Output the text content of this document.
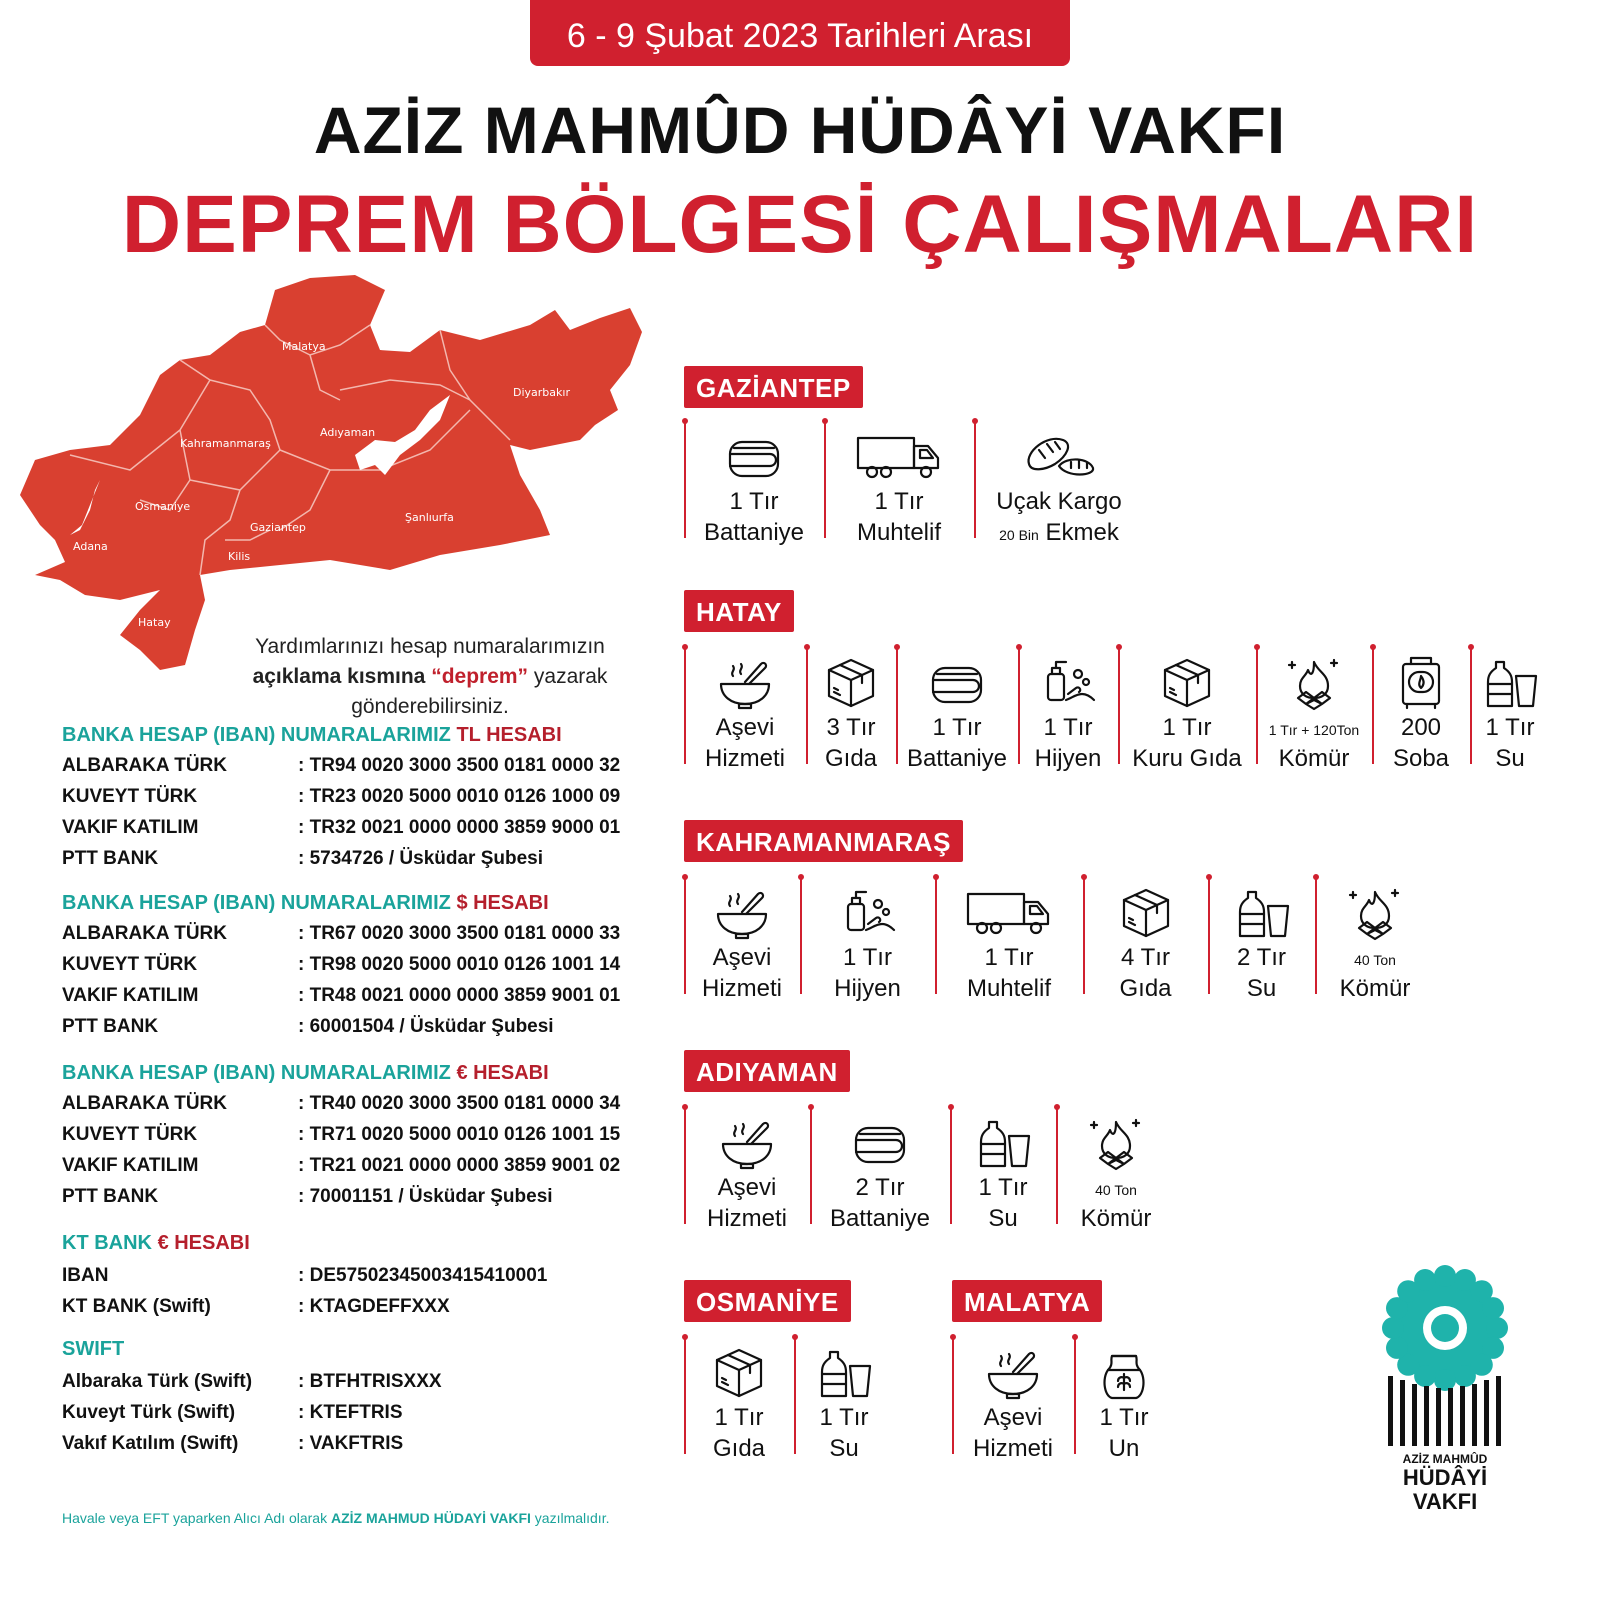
6 - 9 Şubat 2023 Tarihleri Arası
AZİZ MAHMÛD HÜDÂYİ VAKFI
DEPREM BÖLGESİ ÇALIŞMALARI
Malatya
Diyarbakır
Kahramanmaraş
Adıyaman
Osmaniye
Gaziantep
Şanlıurfa
Adana
Kilis
Hatay
Yardımlarınızı hesap numaralarımızın
açıklama kısmına “deprem” yazarak
gönderebilirsiniz.
BANKA HESAP (IBAN) NUMARALARIMIZ TL HESABI
ALBARAKA TÜRK	: TR94 0020 3000 3500 0181 0000 32
KUVEYT TÜRK	: TR23 0020 5000 0010 0126 1000 09
VAKIF KATILIM	: TR32 0021 0000 0000 3859 9000 01
PTT BANK	: 5734726 / Üsküdar Şubesi
BANKA HESAP (IBAN) NUMARALARIMIZ $ HESABI
ALBARAKA TÜRK	: TR67 0020 3000 3500 0181 0000 33
KUVEYT TÜRK	: TR98 0020 5000 0010 0126 1001 14
VAKIF KATILIM	: TR48 0021 0000 0000 3859 9001 01
PTT BANK	: 60001504 / Üsküdar Şubesi
BANKA HESAP (IBAN) NUMARALARIMIZ € HESABI
ALBARAKA TÜRK	: TR40 0020 3000 3500 0181 0000 34
KUVEYT TÜRK	: TR71 0020 5000 0010 0126 1001 15
VAKIF KATILIM	: TR21 0021 0000 0000 3859 9001 02
PTT BANK	: 70001151 / Üsküdar Şubesi
KT BANK € HESABI
IBAN	: DE57502345003415410001
KT BANK (Swift)	: KTAGDEFFXXX
SWIFT
Albaraka Türk (Swift)	: BTFHTRISXXX
Kuveyt Türk (Swift)	: KTEFTRIS
Vakıf Katılım (Swift)	: VAKFTRIS
Havale veya EFT yaparken Alıcı Adı olarak AZİZ MAHMUD HÜDAYİ VAKFI yazılmalıdır.
GAZİANTEP
1 Tır
Battaniye
1 Tır
Muhtelif
Uçak Kargo
20 Bin Ekmek
HATAY
Aşevi
Hizmeti
3 Tır
Gıda
1 Tır
Battaniye
1 Tır
Hijyen
1 Tır
Kuru Gıda
1 Tır + 120Ton
Kömür
200
Soba
1 Tır
Su
KAHRAMANMARAŞ
Aşevi
Hizmeti
1 Tır
Hijyen
1 Tır
Muhtelif
4 Tır
Gıda
2 Tır
Su
40 Ton
Kömür
ADIYAMAN
Aşevi
Hizmeti
2 Tır
Battaniye
1 Tır
Su
40 Ton
Kömür
OSMANİYE
1 Tır
Gıda
1 Tır
Su
MALATYA
Aşevi
Hizmeti
1 Tır
Un	AZİZ MAHMÛD
HÜDÂYİ
VAKFI
